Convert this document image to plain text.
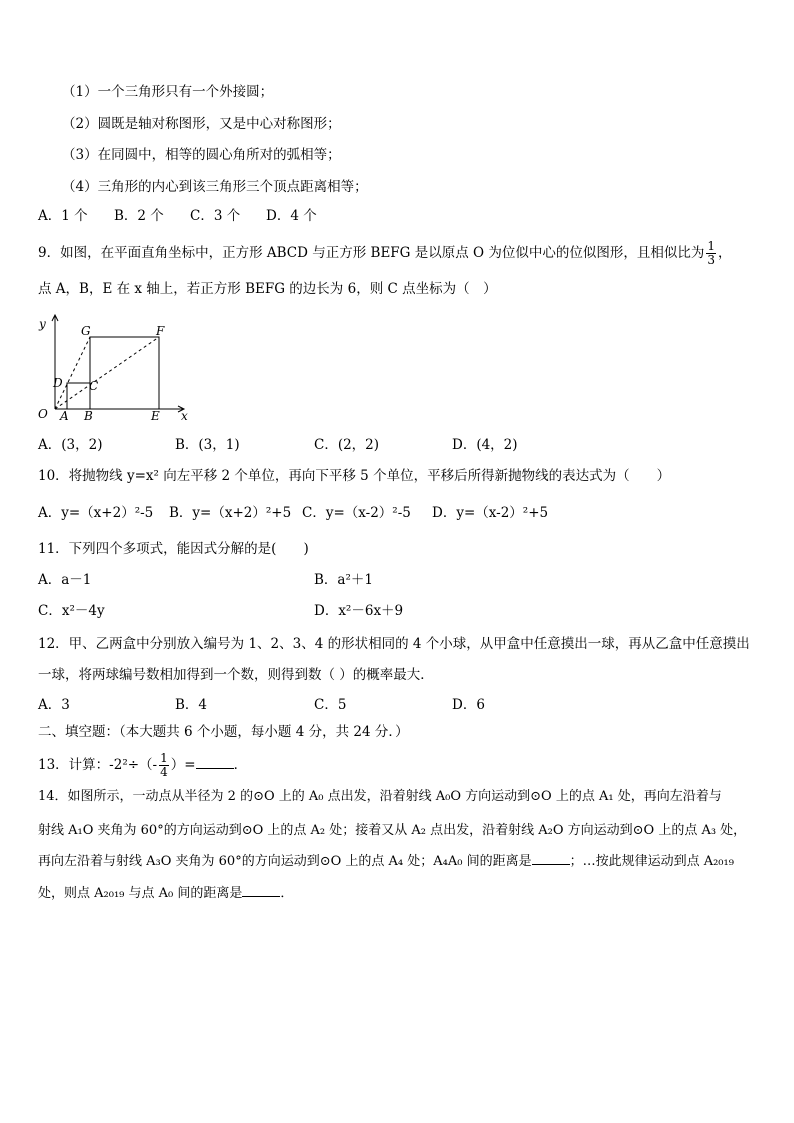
（1）一个三角形只有一个外接圆；
（2）圆既是轴对称图形，又是中心对称图形；
（3）在同圆中，相等的圆心角所对的弧相等；
（4）三角形的内心到该三角形三个顶点距离相等；
A．1 个 B．2 个 C．3 个 D．4 个
9．如图，在平面直角坐标中，正方形 ABCD 与正方形 BEFG 是以原点 O 为位似中心的位似图形，且相似比为 $\frac{1}{3}$ ，
点 A，B，E 在 x 轴上，若正方形 BEFG 的边长为 6，则 C 点坐标为（　）
y
x
O A B	E
D C
G	F
A．(3，2)	B．(3，1)	C．(2，2)	D．(4，2)
10．将抛物线 y=x² 向左平移 2 个单位，再向下平移 5 个单位，平移后所得新抛物线的表达式为（　　）
A．y=（x+2）²-5 B．y=（x+2）²+5 C．y=（x-2）²-5 D．y=（x-2）²+5
11．下列四个多项式，能因式分解的是(　　)
A．a－1	B．a²＋1
C．x²－4y	D．x²－6x＋9
12．甲、乙两盒中分别放入编号为 1、2、3、4 的形状相同的 4 个小球，从甲盒中任意摸出一球，再从乙盒中任意摸出
一球，将两球编号数相加得到一个数，则得到数（ ）的概率最大．
A．3	B．4	C．5	D．6
二、填空题：（本大题共 6 个小题，每小题 4 分，共 24 分．）
13．计算：$-2^2\div(- \frac{1}{4}$ ）=	．
14．如图所示，一动点从半径为 2 的⊙O 上的 A₀ 点出发，沿着射线 A₀O 方向运动到⊙O 上的点 A₁ 处，再向左沿着与
射线 A₁O 夹角为 60°的方向运动到⊙O 上的点 A₂ 处；接着又从 A₂ 点出发，沿着射线 A₂O 方向运动到⊙O 上的点 A₃ 处，
再向左沿着与射线 A₃O 夹角为 60°的方向运动到⊙O 上的点 A₄ 处；A₄A₀ 间的距离是	；…按此规律运动到点 A₂₀₁₉
处，则点 A₂₀₁₉ 与点 A₀ 间的距离是	．
